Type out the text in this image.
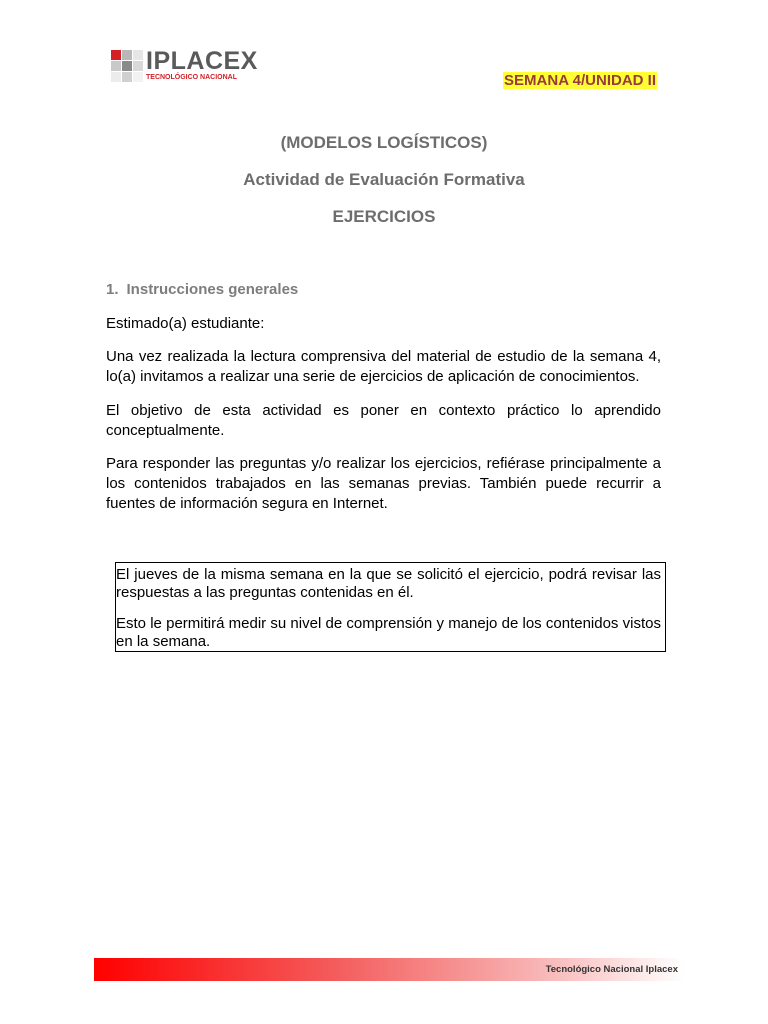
IPLACEX
TECNOLÓGICO NACIONAL	SEMANA 4/UNIDAD II
(MODELOS LOGÍSTICOS)
Actividad de Evaluación Formativa
EJERCICIOS
1. Instrucciones generales
Estimado(a) estudiante:
Una vez realizada la lectura comprensiva del material de estudio de la semana 4, lo(a) invitamos a realizar una serie de ejercicios de aplicación de conocimientos.
El objetivo de esta actividad es poner en contexto práctico lo aprendido conceptualmente.
Para responder las preguntas y/o realizar los ejercicios, refiérase principalmente a los contenidos trabajados en las semanas previas. También puede recurrir a fuentes de información segura en Internet.

El jueves de la misma semana en la que se solicitó el ejercicio, podrá revisar las respuestas a las preguntas contenidas en él.

Esto le permitirá medir su nivel de comprensión y manejo de los contenidos vistos en la semana.

Tecnológico Nacional Iplacex
